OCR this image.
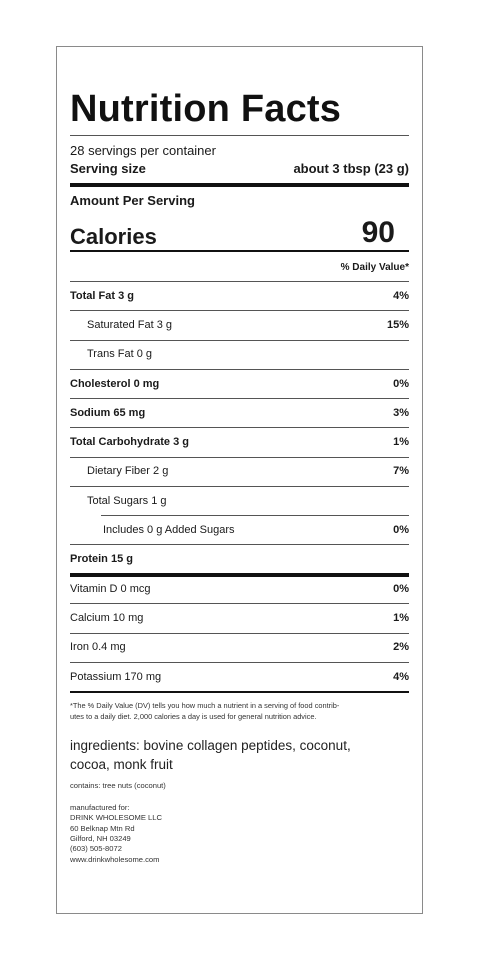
Nutrition Facts
28 servings per container
Serving size	about 3 tbsp (23 g)
Amount Per Serving
Calories	90
% Daily Value*
Total Fat 3 g	4%
Saturated Fat 3 g	15%
Trans Fat 0 g
Cholesterol 0 mg	0%
Sodium 65 mg	3%
Total Carbohydrate 3 g	1%
Dietary Fiber 2 g	7%
Total Sugars 1 g
Includes 0 g Added Sugars	0%
Protein 15 g
Vitamin D 0 mcg	0%
Calcium 10 mg	1%
Iron 0.4 mg	2%
Potassium 170 mg	4%
*The % Daily Value (DV) tells you how much a nutrient in a serving of food contrib-
utes to a daily diet. 2,000 calories a day is used for general nutrition advice.
ingredients: bovine collagen peptides, coconut,
cocoa, monk fruit
contains: tree nuts (coconut)
manufactured for:
DRINK WHOLESOME LLC
60 Belknap Mtn Rd
Gilford, NH 03249
(603) 505-8072
www.drinkwholesome.com
